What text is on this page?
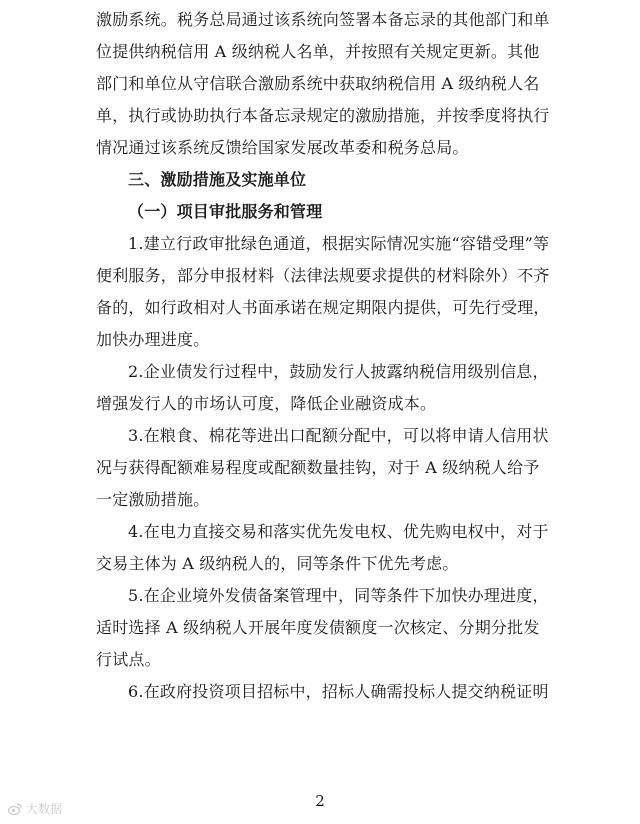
激励系统。税务总局通过该系统向签署本备忘录的其他部门和单
位提供纳税信用 A 级纳税人名单，并按照有关规定更新。其他
部门和单位从守信联合激励系统中获取纳税信用 A 级纳税人名
单，执行或协助执行本备忘录规定的激励措施，并按季度将执行
情况通过该系统反馈给国家发展改革委和税务总局。
三、激励措施及实施单位
（一）项目审批服务和管理
1.建立行政审批绿色通道，根据实际情况实施“容错受理”等
便利服务，部分申报材料（法律法规要求提供的材料除外）不齐
备的，如行政相对人书面承诺在规定期限内提供，可先行受理，
加快办理进度。
2.企业债发行过程中，鼓励发行人披露纳税信用级别信息，
增强发行人的市场认可度，降低企业融资成本。
3.在粮食、棉花等进出口配额分配中，可以将申请人信用状
况与获得配额难易程度或配额数量挂钩，对于 A 级纳税人给予
一定激励措施。
4.在电力直接交易和落实优先发电权、优先购电权中，对于
交易主体为 A 级纳税人的，同等条件下优先考虑。
5.在企业境外发债备案管理中，同等条件下加快办理进度，
适时选择 A 级纳税人开展年度发债额度一次核定、分期分批发
行试点。
6.在政府投资项目招标中，招标人确需投标人提交纳税证明
2
大数据
